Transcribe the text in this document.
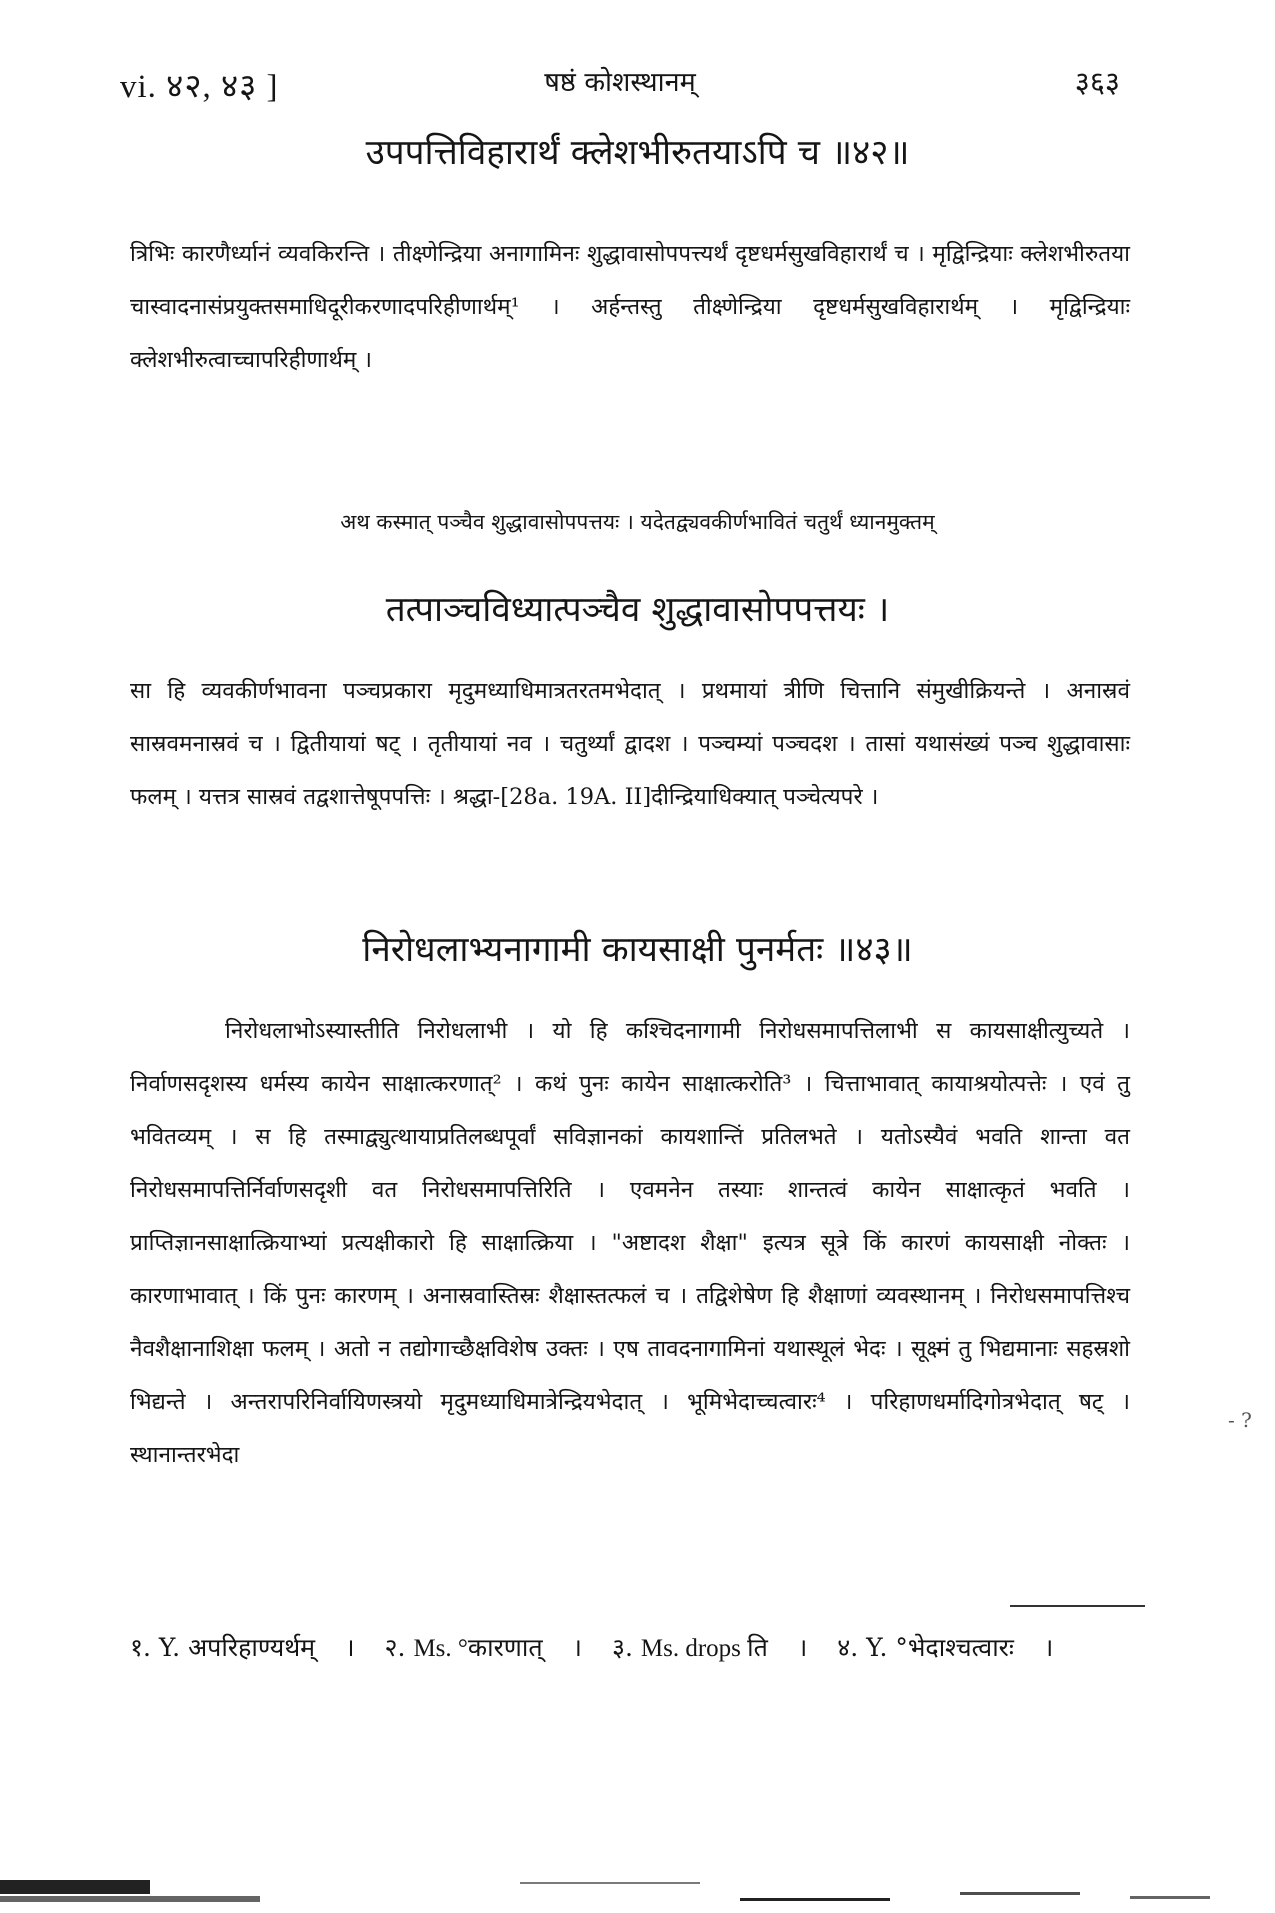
vi. ४२, ४३ ]	षष्ठं कोशस्थानम्	३६३
उपपत्तिविहारार्थं क्लेशभीरुतयाऽपि च ॥४२॥
त्रिभिः कारणैर्ध्यानं व्यवकिरन्ति । तीक्ष्णेन्द्रिया अनागामिनः शुद्धावासोपपत्त्यर्थं दृष्टधर्मसुखविहारार्थं च । मृद्विन्द्रियाः क्लेशभीरुतया चास्वादनासंप्रयुक्तसमाधिदूरीकरणादपरिहीणार्थम्¹ । अर्हन्तस्तु तीक्ष्णेन्द्रिया दृष्टधर्मसुखविहारार्थम् । मृद्विन्द्रियाः क्लेशभीरुत्वाच्चापरिहीणार्थम् ।
अथ कस्मात् पञ्चैव शुद्धावासोपपत्तयः । यदेतद्व्यवकीर्णभावितं चतुर्थं ध्यानमुक्तम्
तत्पाञ्चविध्यात्पञ्चैव शुद्धावासोपपत्तयः ।
सा हि व्यवकीर्णभावना पञ्चप्रकारा मृदुमध्याधिमात्रतरतमभेदात् । प्रथमायां त्रीणि चित्तानि संमुखीक्रियन्ते । अनास्रवं सास्रवमनास्रवं च । द्वितीयायां षट् । तृतीयायां नव । चतुर्थ्यां द्वादश । पञ्चम्यां पञ्चदश । तासां यथासंख्यं पञ्च शुद्धावासाः फलम् । यत्तत्र सास्रवं तद्वशात्तेषूपपत्तिः । श्रद्धा-[28a. 19A. II]दीन्द्रियाधिक्यात् पञ्चेत्यपरे ।
निरोधलाभ्यनागामी कायसाक्षी पुनर्मतः ॥४३॥
निरोधलाभोऽस्यास्तीति निरोधलाभी । यो हि कश्चिदनागामी निरोधसमापत्तिलाभी स कायसाक्षीत्युच्यते । निर्वाणसदृशस्य धर्मस्य कायेन साक्षात्करणात्² । कथं पुनः कायेन साक्षात्करोति³ । चित्ताभावात् कायाश्रयोत्पत्तेः । एवं तु भवितव्यम् । स हि तस्माद्व्युत्थायाप्रतिलब्धपूर्वां सविज्ञानकां कायशान्तिं प्रतिलभते । यतोऽस्यैवं भवति शान्ता वत निरोधसमापत्तिर्निर्वाणसदृशी वत निरोधसमापत्तिरिति । एवमनेन तस्याः शान्तत्वं कायेन साक्षात्कृतं भवति । प्राप्तिज्ञानसाक्षात्क्रियाभ्यां प्रत्यक्षीकारो हि साक्षात्क्रिया । "अष्टादश शैक्षा" इत्यत्र सूत्रे किं कारणं कायसाक्षी नोक्तः । कारणाभावात् । किं पुनः कारणम् । अनास्रवास्तिस्रः शैक्षास्तत्फलं च । तद्विशेषेण हि शैक्षाणां व्यवस्थानम् । निरोधसमापत्तिश्च नैवशैक्षानाशिक्षा फलम् । अतो न तद्योगाच्छैक्षविशेष उक्तः । एष तावदनागामिनां यथास्थूलं भेदः । सूक्ष्मं तु भिद्यमानाः सहस्रशो भिद्यन्ते । अन्तरापरिनिर्वायिणस्त्रयो मृदुमध्याधिमात्रेन्द्रियभेदात् । भूमिभेदाच्चत्वारः⁴ । परिहाणधर्मादिगोत्रभेदात् षट् । स्थानान्तरभेदा
- ?
१. Y. अपरिहाण्यर्थम् । २. Ms. °कारणात् । ३. Ms. drops ति । ४. Y. °भेदाश्चत्वारः ।
